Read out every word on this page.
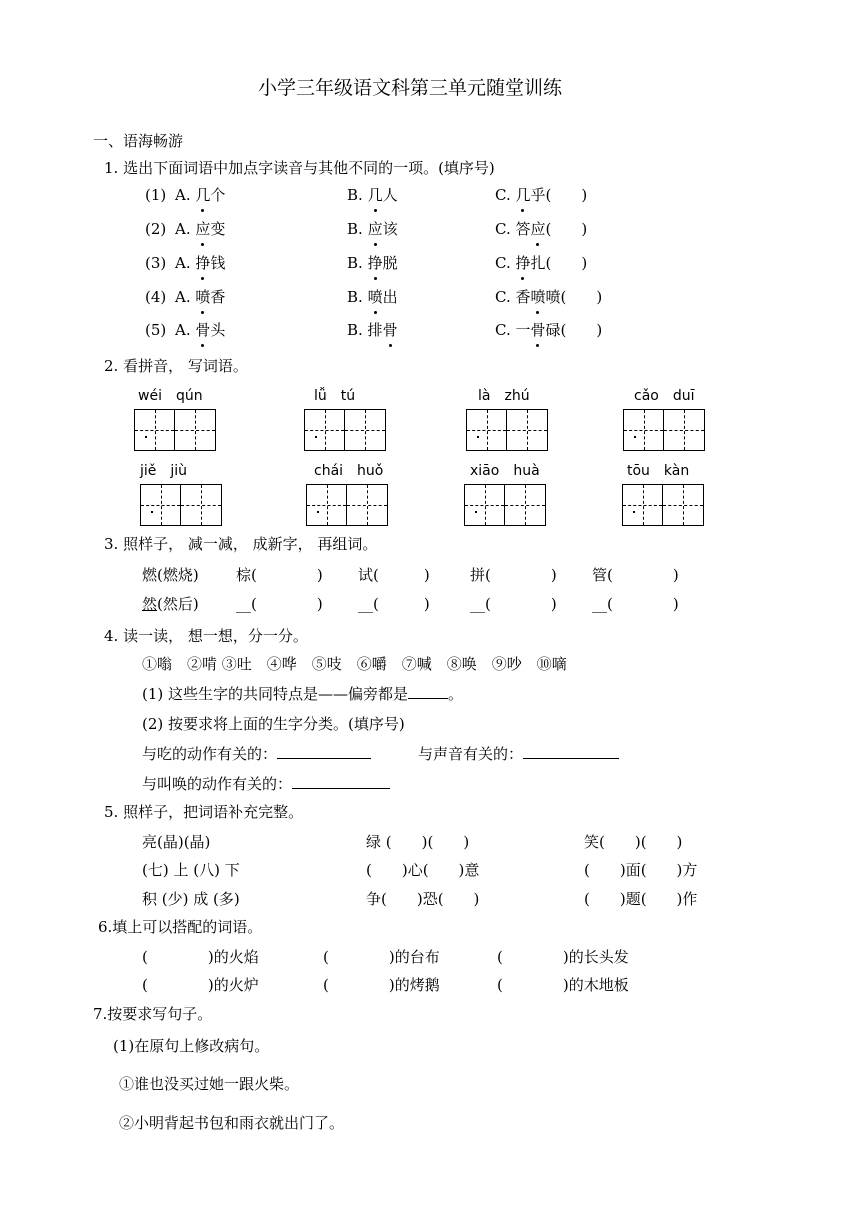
小学三年级语文科第三单元随堂训练
一、语海畅游
1. 选出下面词语中加点字读音与其他不同的一项。(填序号)
(1) A. 几个	B. 几人	C. 几乎(　　)
(2) A. 应变	B. 应该	C. 答应(　　)
(3) A. 挣钱	B. 挣脱	C. 挣扎(　　)
(4) A. 喷香	B. 喷出	C. 香喷喷(　　)
(5) A. 骨头	B. 排骨	C. 一骨碌(　　)
2. 看拼音， 写词语。
wéi　qún	lǚ　tú	là　zhú	cǎo　duī
jiě　jiù	chái　huǒ	xiāo　huà	tōu　kàn
3. 照样子， 减一减， 成新字， 再组词。
燃(燃烧) 棕(　　　　) 试(　　　)	拼(　　　　) 管(　　　　)
然(然后) __(　　　　) __(　　　)	__(　　　　) __(　　　　)
4. 读一读， 想一想，分一分。
①嗡　②啃 ③吐　④哗　⑤吱　⑥嚼　⑦喊　⑧唤　⑨吵　⑩嘀
(1) 这些生字的共同特点是——偏旁都是	。
(2) 按要求将上面的生字分类。(填序号)
与吃的动作有关的：	与声音有关的：
与叫唤的动作有关的：
5. 照样子，把词语补充完整。
亮(晶)(晶)	绿 (　　)(　　)	笑(　　)(　　)
(七) 上 (八) 下	(　　)心(　　)意	(　　)面(　　)方
积 (少) 成 (多)	争(　　)恐(　　)	(　　)题(　　)作
6.填上可以搭配的词语。
(　　　　)的火焰	(　　　　)的台布	(　　　　)的长头发
(　　　　)的火炉	(　　　　)的烤鹅	(　　　　)的木地板
7.按要求写句子。
(1)在原句上修改病句。
①谁也没买过她一跟火柴。
②小明背起书包和雨衣就出门了。
